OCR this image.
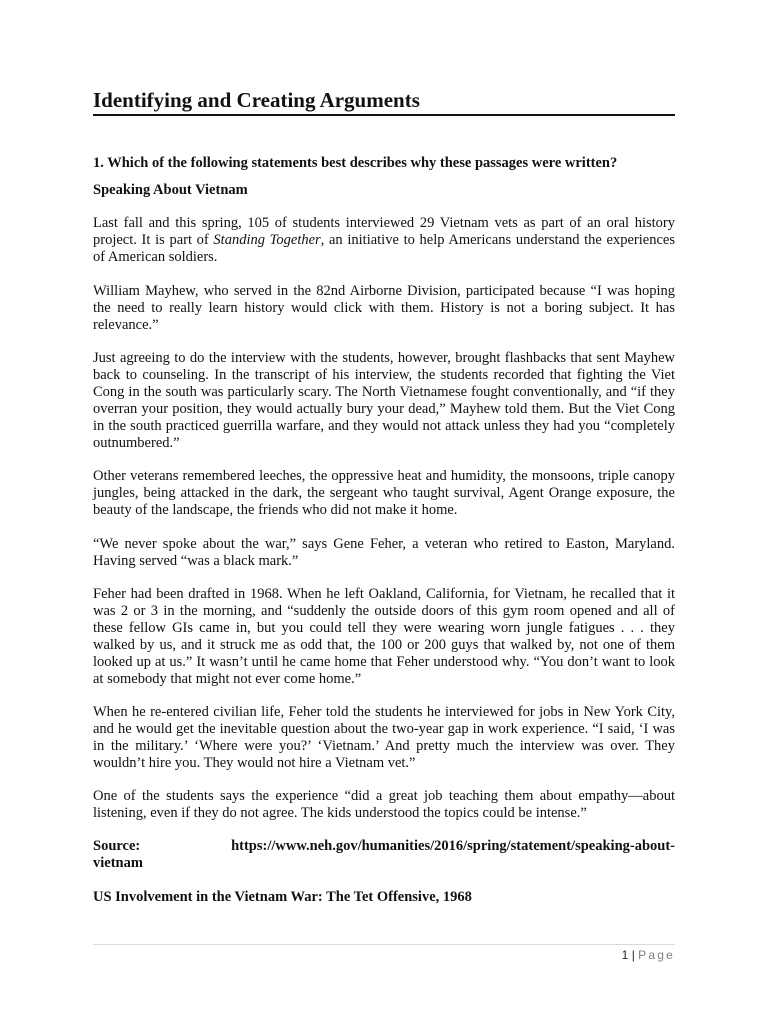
Identifying and Creating Arguments

1. Which of the following statements best describes why these passages were written?

Speaking About Vietnam

Last fall and this spring, 105 of students interviewed 29 Vietnam vets as part of an oral history project. It is part of Standing Together, an initiative to help Americans understand the experiences of American soldiers.

William Mayhew, who served in the 82nd Airborne Division, participated because “I was hoping the need to really learn history would click with them. History is not a boring subject. It has relevance.”

Just agreeing to do the interview with the students, however, brought flashbacks that sent Mayhew back to counseling. In the transcript of his interview, the students recorded that fighting the Viet Cong in the south was particularly scary. The North Vietnamese fought conventionally, and “if they overran your position, they would actually bury your dead,” Mayhew told them. But the Viet Cong in the south practiced guerrilla warfare, and they would not attack unless they had you “completely outnumbered.”

Other veterans remembered leeches, the oppressive heat and humidity, the monsoons, triple canopy jungles, being attacked in the dark, the sergeant who taught survival, Agent Orange exposure, the beauty of the landscape, the friends who did not make it home.

“We never spoke about the war,” says Gene Feher, a veteran who retired to Easton, Maryland. Having served “was a black mark.”

Feher had been drafted in 1968. When he left Oakland, California, for Vietnam, he recalled that it was 2 or 3 in the morning, and “suddenly the outside doors of this gym room opened and all of these fellow GIs came in, but you could tell they were wearing worn jungle fatigues . . . they walked by us, and it struck me as odd that, the 100 or 200 guys that walked by, not one of them looked up at us.” It wasn’t until he came home that Feher understood why. “You don’t want to look at somebody that might not ever come home.”

When he re-entered civilian life, Feher told the students he interviewed for jobs in New York City, and he would get the inevitable question about the two-year gap in work experience. “I said, ‘I was in the military.’ ‘Where were you?’ ‘Vietnam.’ And pretty much the interview was over. They wouldn’t hire you. They would not hire a Vietnam vet.”

One of the students says the experience “did a great job teaching them about empathy—about listening, even if they do not agree. The kids understood the topics could be intense.”

Source:	https://www.neh.gov/humanities/2016/spring/statement/speaking-about-
vietnam

US Involvement in the Vietnam War: The Tet Offensive, 1968

1 | Page
